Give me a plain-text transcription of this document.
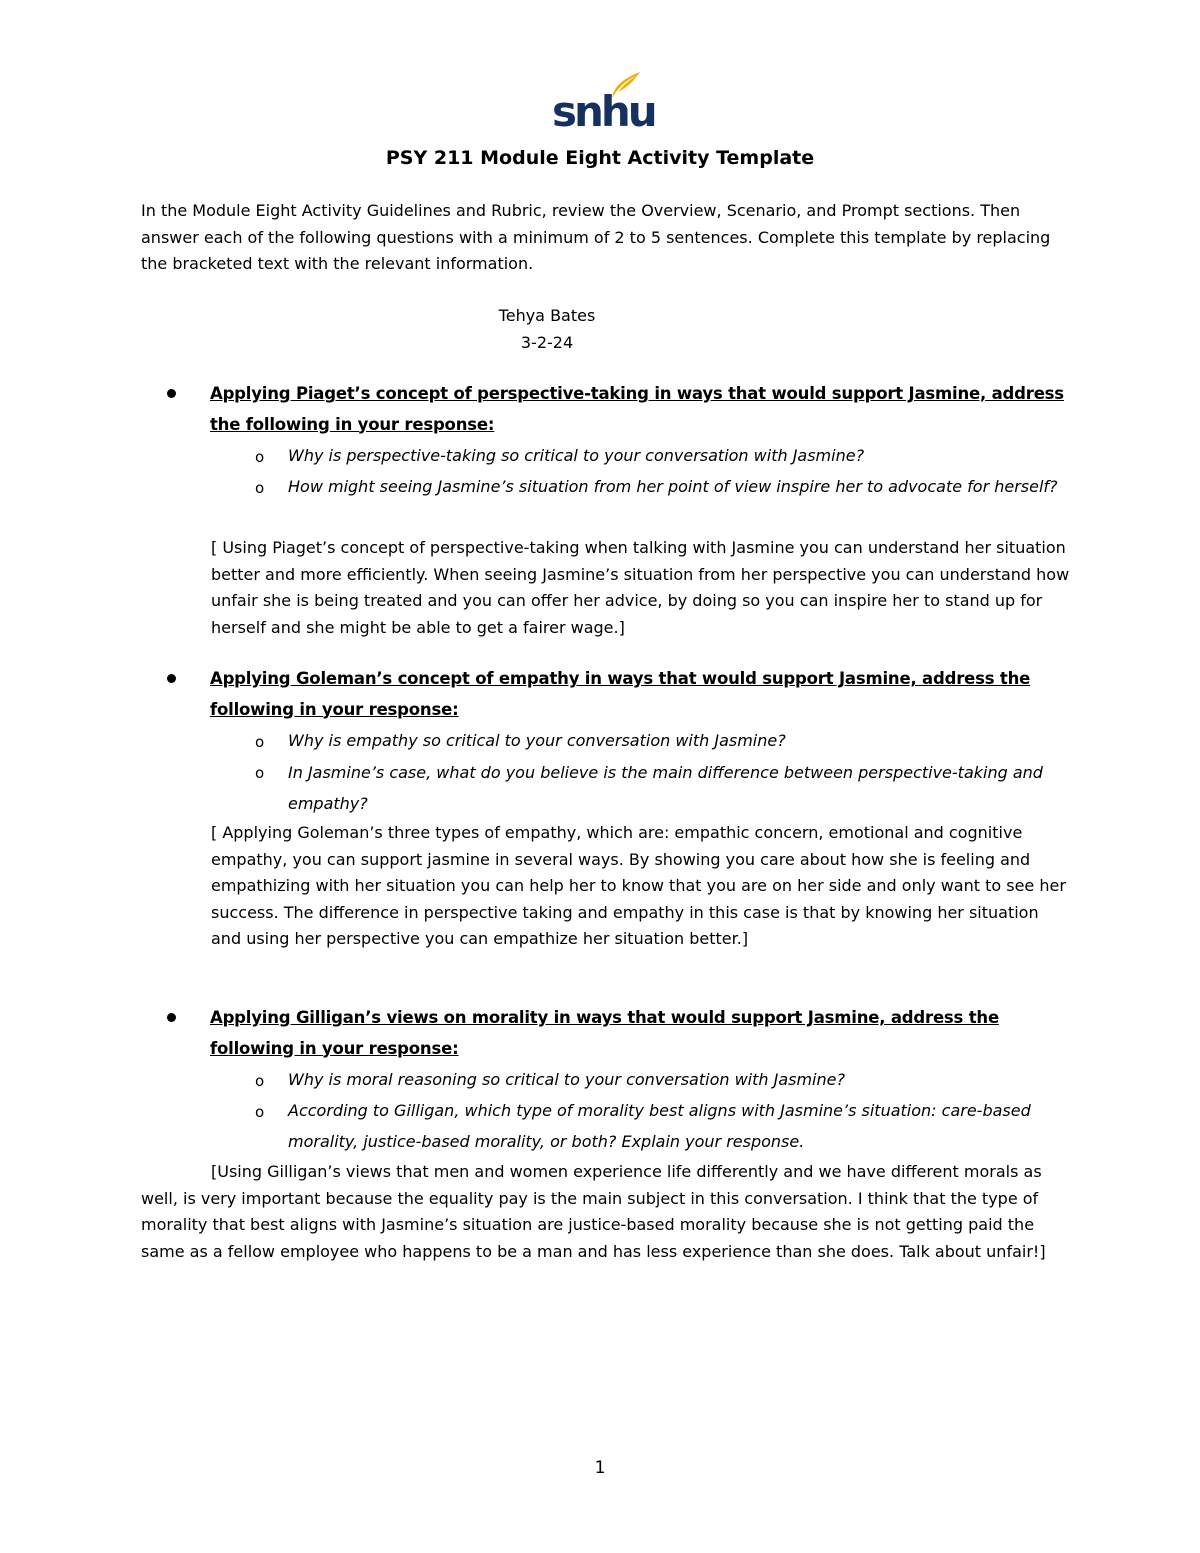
snhu
PSY 211 Module Eight Activity Template
In the Module Eight Activity Guidelines and Rubric, review the Overview, Scenario, and Prompt sections. Then answer each of the following questions with a minimum of 2 to 5 sentences. Complete this template by replacing the bracketed text with the relevant information.
Tehya Bates
3-2-24
Applying Piaget’s concept of perspective-taking in ways that would support Jasmine, address the following in your response:
o Why is perspective-taking so critical to your conversation with Jasmine?
o How might seeing Jasmine’s situation from her point of view inspire her to advocate for herself?
[ Using Piaget’s concept of perspective-taking when talking with Jasmine you can understand her situation better and more efficiently. When seeing Jasmine’s situation from her perspective you can understand how unfair she is being treated and you can offer her advice, by doing so you can inspire her to stand up for herself and she might be able to get a fairer wage.]
Applying Goleman’s concept of empathy in ways that would support Jasmine, address the following in your response:
o Why is empathy so critical to your conversation with Jasmine?
o In Jasmine’s case, what do you believe is the main difference between perspective-taking and empathy?
[ Applying Goleman’s three types of empathy, which are: empathic concern, emotional and cognitive empathy, you can support jasmine in several ways. By showing you care about how she is feeling and empathizing with her situation you can help her to know that you are on her side and only want to see her success. The difference in perspective taking and empathy in this case is that by knowing her situation and using her perspective you can empathize her situation better.]
Applying Gilligan’s views on morality in ways that would support Jasmine, address the following in your response:
o Why is moral reasoning so critical to your conversation with Jasmine?
o According to Gilligan, which type of morality best aligns with Jasmine’s situation: care-based morality, justice-based morality, or both? Explain your response.
[Using Gilligan’s views that men and women experience life differently and we have different morals as well, is very important because the equality pay is the main subject in this conversation. I think that the type of morality that best aligns with Jasmine’s situation are justice-based morality because she is not getting paid the same as a fellow employee who happens to be a man and has less experience than she does. Talk about unfair!]
1
